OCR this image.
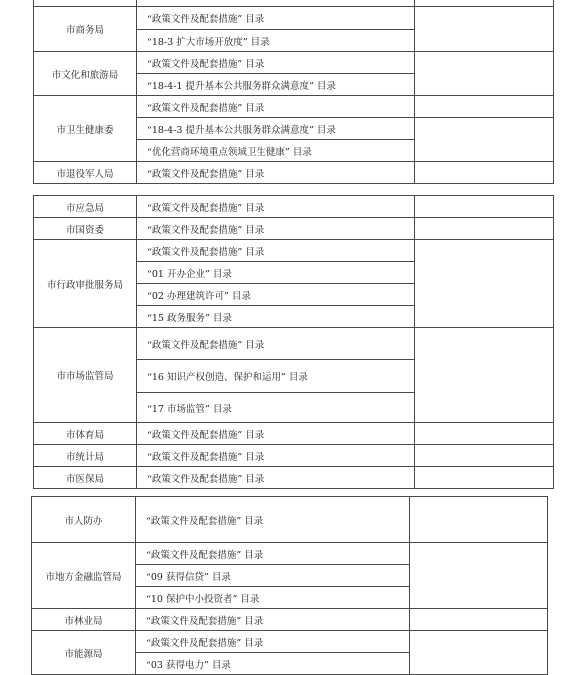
市商务局	“政策文件及配套措施” 目录	
	“18-3 扩大市场开放度” 目录	
市文化和旅游局	“政策文件及配套措施” 目录	
	“18-4-1 提升基本公共服务群众满意度” 目录	
市卫生健康委	“政策文件及配套措施” 目录	
	“18-4-3 提升基本公共服务群众满意度” 目录	
	“优化营商环境重点领域卫生健康” 目录	
市退役军人局	“政策文件及配套措施” 目录	
市应急局	“政策文件及配套措施” 目录	
市国资委	“政策文件及配套措施” 目录	
市行政审批服务局	“政策文件及配套措施” 目录	
	“01 开办企业” 目录	
	“02 办理建筑许可” 目录	
	“15 政务服务” 目录	
市市场监管局	“政策文件及配套措施” 目录	
	“16 知识产权创造、保护和运用” 目录	
	“17 市场监管” 目录	
市体育局	“政策文件及配套措施” 目录	
市统计局	“政策文件及配套措施” 目录	
市医保局	“政策文件及配套措施” 目录	
市人防办	“政策文件及配套措施” 目录	
市地方金融监管局	“政策文件及配套措施” 目录	
	“09 获得信贷” 目录	
	“10 保护中小投资者” 目录	
市林业局	“政策文件及配套措施” 目录	
市能源局	“政策文件及配套措施” 目录	
	“03 获得电力” 目录	
